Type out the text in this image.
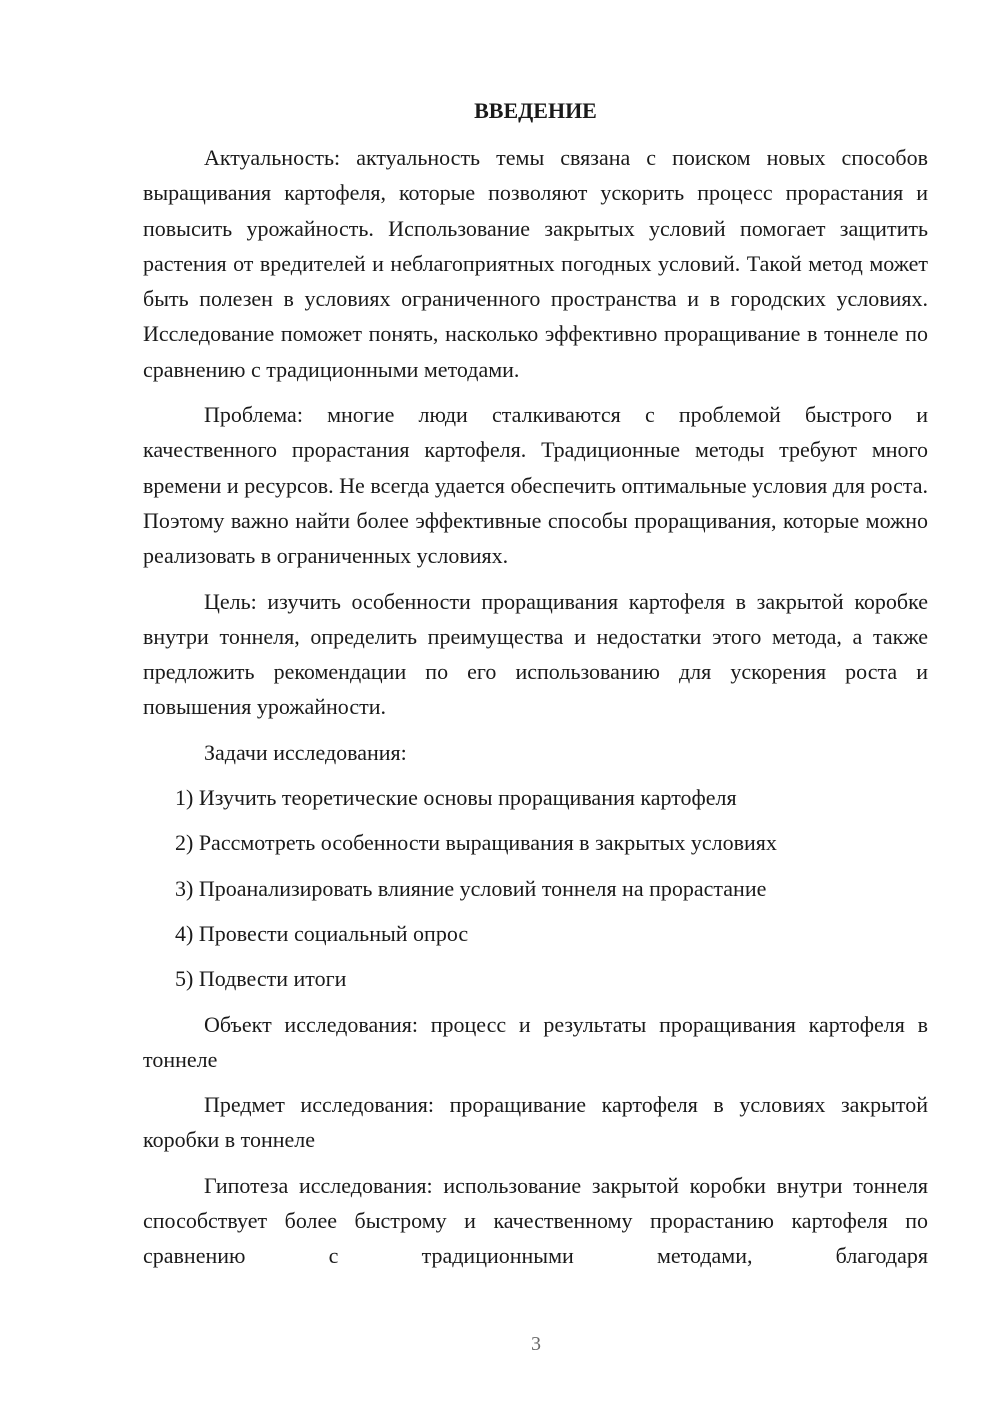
ВВЕДЕНИЕ

Актуальность: актуальность темы связана с поиском новых способов выращивания картофеля, которые позволяют ускорить процесс прорастания и повысить урожайность. Использование закрытых условий помогает защитить растения от вредителей и неблагоприятных погодных условий. Такой метод может быть полезен в условиях ограниченного пространства и в городских условиях. Исследование поможет понять, насколько эффективно проращивание в тоннеле по сравнению с традиционными методами.

Проблема: многие люди сталкиваются с проблемой быстрого и качественного прорастания картофеля. Традиционные методы требуют много времени и ресурсов. Не всегда удается обеспечить оптимальные условия для роста. Поэтому важно найти более эффективные способы проращивания, которые можно реализовать в ограниченных условиях.

Цель: изучить особенности проращивания картофеля в закрытой коробке внутри тоннеля, определить преимущества и недостатки этого метода, а также предложить рекомендации по его использованию для ускорения роста и повышения урожайности.

Задачи исследования:

1) Изучить теоретические основы проращивания картофеля
2) Рассмотреть особенности выращивания в закрытых условиях
3) Проанализировать влияние условий тоннеля на прорастание
4) Провести социальный опрос
5) Подвести итоги

Объект исследования: процесс и результаты проращивания картофеля в тоннеле

Предмет исследования: проращивание картофеля в условиях закрытой коробки в тоннеле

Гипотеза исследования: использование закрытой коробки внутри тоннеля способствует более быстрому и качественному прорастанию картофеля по сравнению с традиционными методами, благодаря

3
